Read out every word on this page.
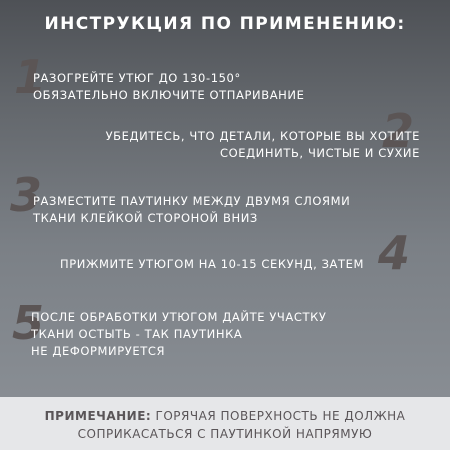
ИНСТРУКЦИЯ ПО ПРИМЕНЕНИЮ:
1
РАЗОГРЕЙТЕ УТЮГ ДО 130-150°
ОБЯЗАТЕЛЬНО ВКЛЮЧИТЕ ОТПАРИВАНИЕ
2
УБЕДИТЕСЬ, ЧТО ДЕТАЛИ, КОТОРЫЕ ВЫ ХОТИТЕ
СОЕДИНИТЬ, ЧИСТЫЕ И СУХИЕ
3
РАЗМЕСТИТЕ ПАУТИНКУ МЕЖДУ ДВУМЯ СЛОЯМИ
ТКАНИ КЛЕЙКОЙ СТОРОНОЙ ВНИЗ
4
ПРИЖМИТЕ УТЮГОМ НА 10-15 СЕКУНД, ЗАТЕМ
5
ПОСЛЕ ОБРАБОТКИ УТЮГОМ ДАЙТЕ УЧАСТКУ
ТКАНИ ОСТЫТЬ - ТАК ПАУТИНКА
НЕ ДЕФОРМИРУЕТСЯ
ПРИМЕЧАНИЕ: ГОРЯЧАЯ ПОВЕРХНОСТЬ НЕ ДОЛЖНА
СОПРИКАСАТЬСЯ С ПАУТИНКОЙ НАПРЯМУЮ
